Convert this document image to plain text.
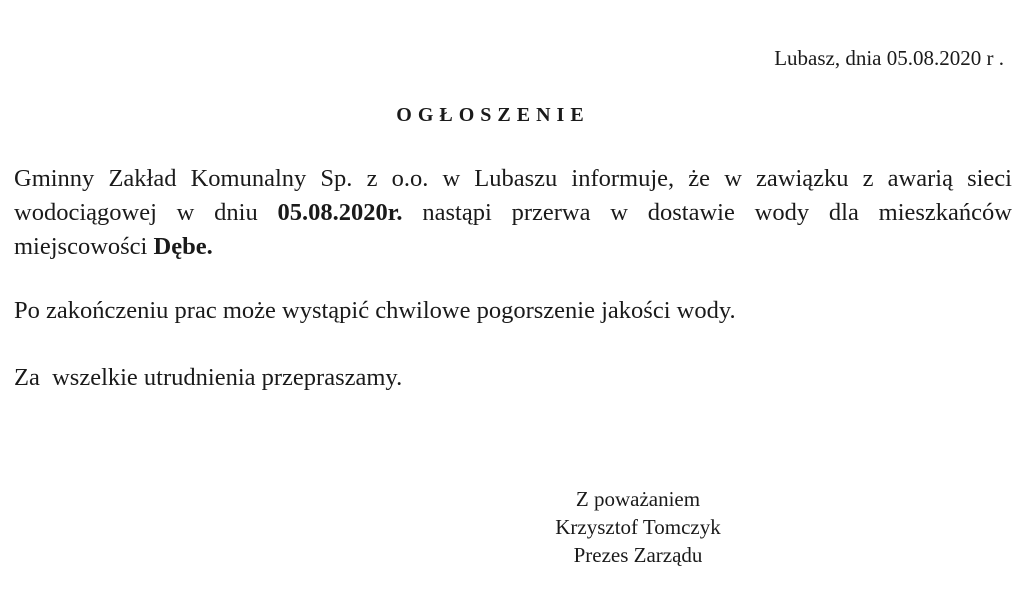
Lubasz, dnia 05.08.2020 r .
OGŁOSZENIE

Gminny Zakład Komunalny Sp. z o.o. w Lubaszu informuje, że w zawiązku z awarią sieci wodociągowej w dniu 05.08.2020r. nastąpi przerwa w dostawie wody dla mieszkańców miejscowości Dębe.

Po zakończeniu prac może wystąpić chwilowe pogorszenie jakości wody.

Za  wszelkie utrudnienia przepraszamy.

Z poważaniem
Krzysztof Tomczyk
Prezes Zarządu
